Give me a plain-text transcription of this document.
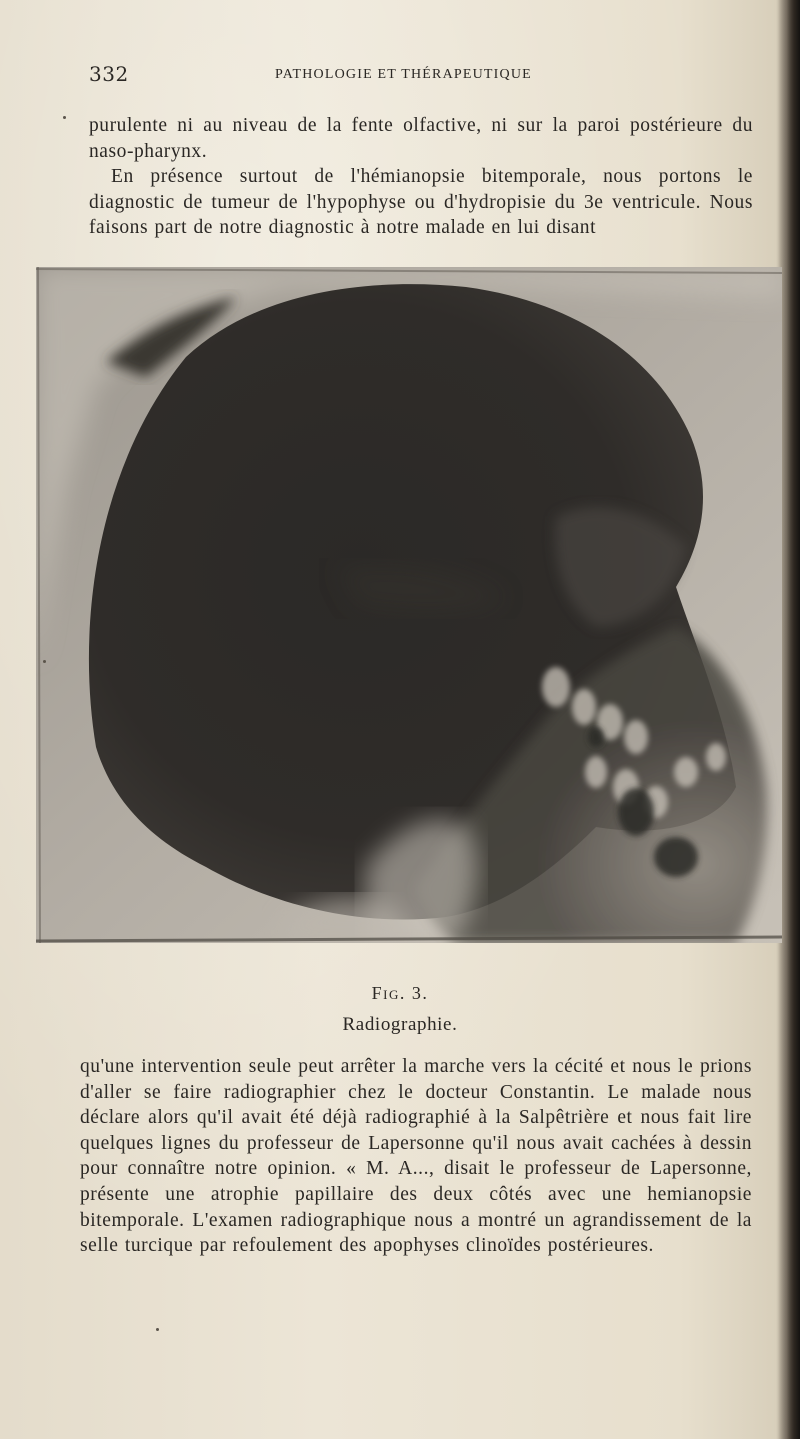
332	PATHOLOGIE ET THÉRAPEUTIQUE

purulente ni au niveau de la fente olfactive, ni sur la paroi postérieure du naso-pharynx.

En présence surtout de l'hémianopsie bitemporale, nous portons le diagnostic de tumeur de l'hypophyse ou d'hydropisie du 3e ventricule. Nous faisons part de notre diagnostic à notre malade en lui disant

Fig. 3.
Radiographie.

qu'une intervention seule peut arrêter la marche vers la cécité et nous le prions d'aller se faire radiographier chez le docteur Constantin. Le malade nous déclare alors qu'il avait été déjà radiographié à la Salpêtrière et nous fait lire quelques lignes du professeur de Lapersonne qu'il nous avait cachées à dessin pour connaître notre opinion. « M. A..., disait le professeur de Lapersonne, présente une atrophie papillaire des deux côtés avec une hemianopsie bitemporale. L'examen radiographique nous a montré un agrandissement de la selle turcique par refoulement des apophyses clinoïdes postérieures.
